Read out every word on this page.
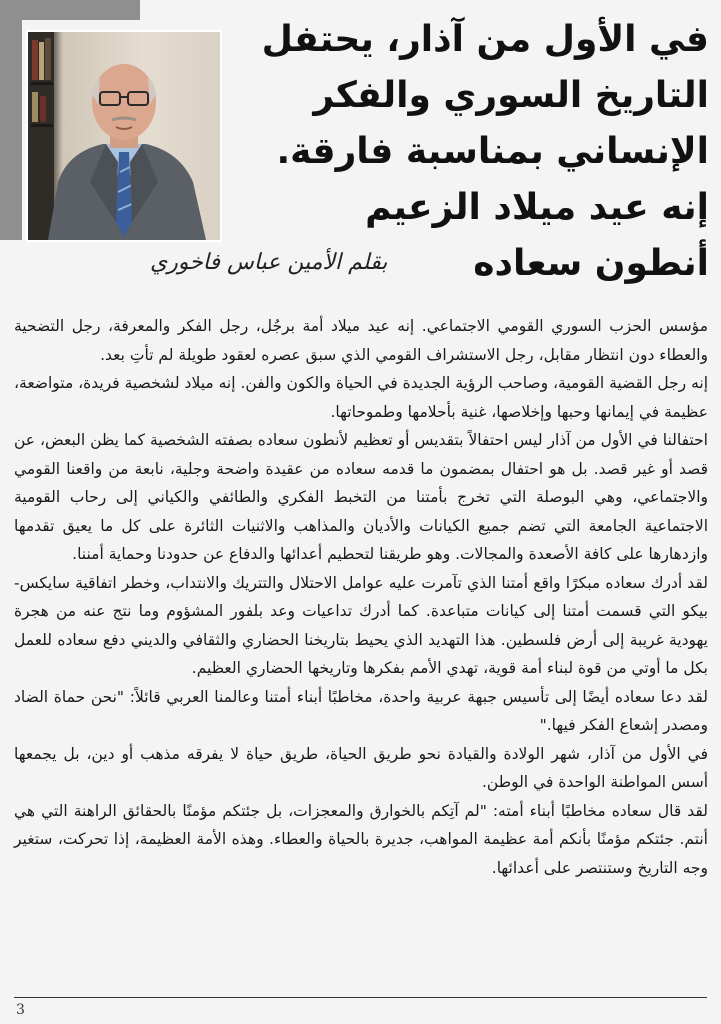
في الأول من آذار، يحتفل
التاريخ السوري والفكر
الإنساني بمناسبة فارقة.
إنه عيد ميلاد الزعيم
أنطون سعاده
بقلم الأمين عباس فاخوري

مؤسس الحزب السوري القومي الاجتماعي. إنه عيد ميلاد أمة برجُل، رجل الفكر والمعرفة، رجل التضحية والعطاء دون انتظار مقابل، رجل الاستشراف القومي الذي سبق عصره لعقود طويلة لم تأتِ بعد.

إنه رجل القضية القومية، وصاحب الرؤية الجديدة في الحياة والكون والفن. إنه ميلاد لشخصية فريدة، متواضعة، عظيمة في إيمانها وحبها وإخلاصها، غنية بأحلامها وطموحاتها.

احتفالنا في الأول من آذار ليس احتفالاً بتقديس أو تعظيم لأنطون سعاده بصفته الشخصية كما يظن البعض، عن قصد أو غير قصد. بل هو احتفال بمضمون ما قدمه سعاده من عقيدة واضحة وجلية، نابعة من واقعنا القومي والاجتماعي، وهي البوصلة التي تخرج بأمتنا من التخبط الفكري والطائفي والكياني إلى رحاب القومية الاجتماعية الجامعة التي تضم جميع الكيانات والأديان والمذاهب والاثنيات الثائرة على كل ما يعيق تقدمها وازدهارها على كافة الأصعدة والمجالات. وهو طريقنا لتحطيم أعدائها والدفاع عن حدودنا وحماية أمننا.

لقد أدرك سعاده مبكرًا واقع أمتنا الذي تآمرت عليه عوامل الاحتلال والتتريك والانتداب، وخطر اتفاقية سايكس-بيكو التي قسمت أمتنا إلى كيانات متباعدة. كما أدرك تداعيات وعد بلفور المشؤوم وما نتج عنه من هجرة يهودية غريبة إلى أرض فلسطين. هذا التهديد الذي يحيط بتاريخنا الحضاري والثقافي والديني دفع سعاده للعمل بكل ما أوتي من قوة لبناء أمة قوية، تهدي الأمم بفكرها وتاريخها الحضاري العظيم.

لقد دعا سعاده أيضًا إلى تأسيس جبهة عربية واحدة، مخاطبًا أبناء أمتنا وعالمنا العربي قائلاً: "نحن حماة الضاد ومصدر إشعاع الفكر فيها."

في الأول من آذار، شهر الولادة والقيادة نحو طريق الحياة، طريق حياة لا يفرقه مذهب أو دين، بل يجمعها أسس المواطنة الواحدة في الوطن.

لقد قال سعاده مخاطبًا أبناء أمته: "لم آتِكم بالخوارق والمعجزات، بل جئتكم مؤمنًا بالحقائق الراهنة التي هي أنتم. جئتكم مؤمنًا بأنكم أمة عظيمة المواهب، جديرة بالحياة والعطاء. وهذه الأمة العظيمة، إذا تحركت، ستغير وجه التاريخ وستنتصر على أعدائها.

3
